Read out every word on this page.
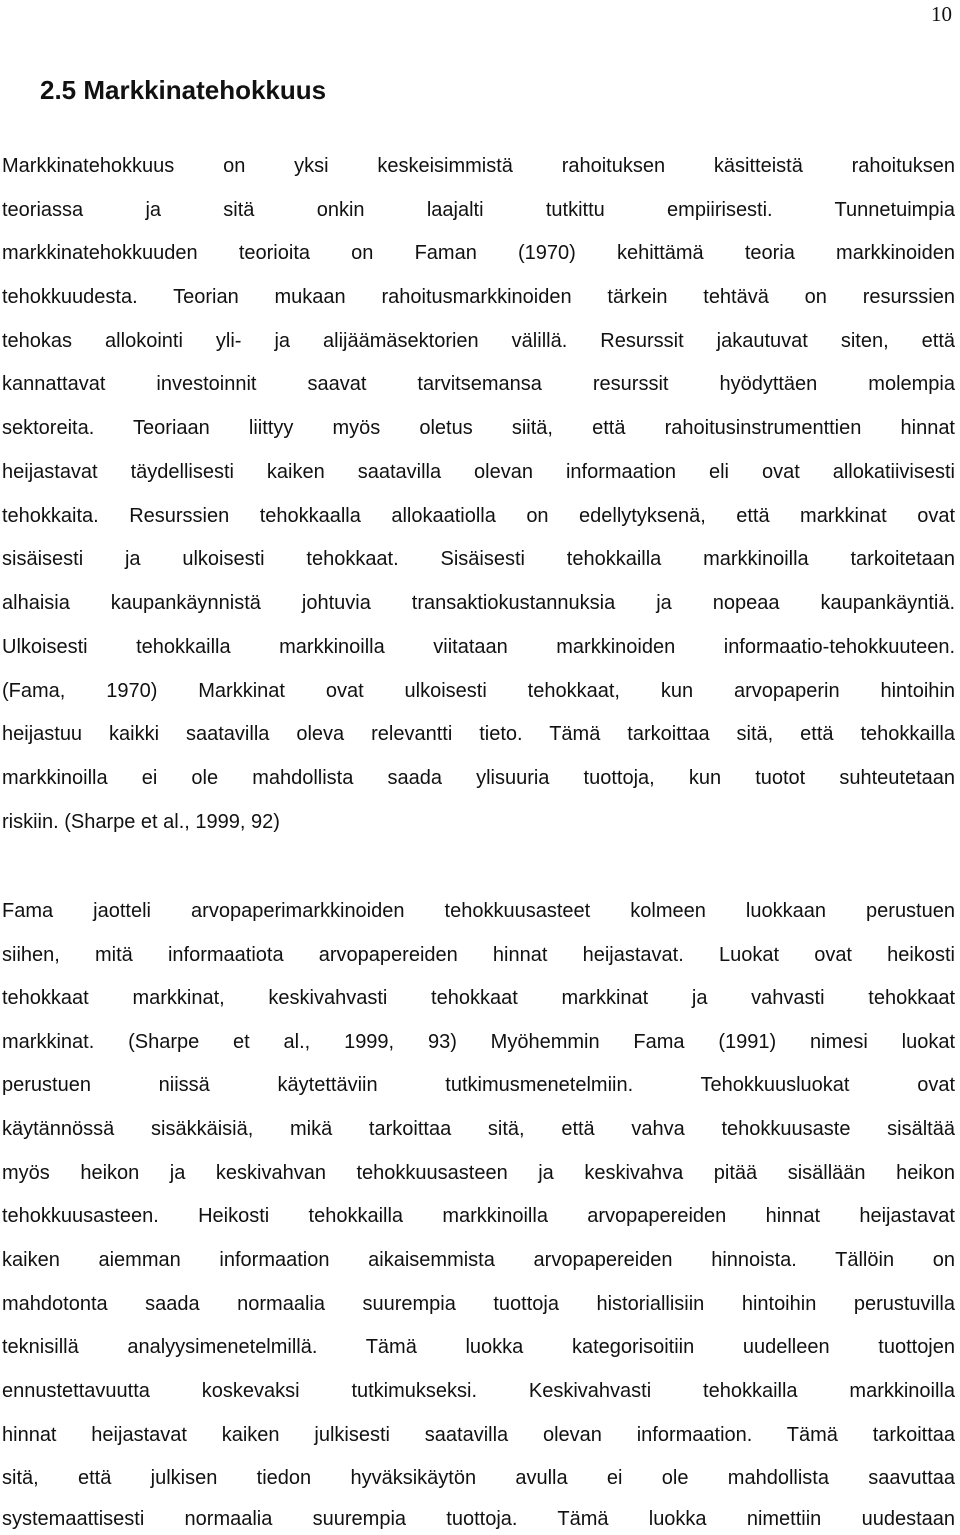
10
2.5 Markkinatehokkuus
Markkinatehokkuus on yksi keskeisimmistä rahoituksen käsitteistä rahoituksen
teoriassa ja sitä onkin laajalti tutkittu empiirisesti. Tunnetuimpia
markkinatehokkuuden teorioita on Faman (1970) kehittämä teoria markkinoiden
tehokkuudesta. Teorian mukaan rahoitusmarkkinoiden tärkein tehtävä on resurssien
tehokas allokointi yli- ja alijäämäsektorien välillä. Resurssit jakautuvat siten, että
kannattavat investoinnit saavat tarvitsemansa resurssit hyödyttäen molempia
sektoreita. Teoriaan liittyy myös oletus siitä, että rahoitusinstrumenttien hinnat
heijastavat täydellisesti kaiken saatavilla olevan informaation eli ovat allokatiivisesti
tehokkaita. Resurssien tehokkaalla allokaatiolla on edellytyksenä, että markkinat ovat
sisäisesti ja ulkoisesti tehokkaat. Sisäisesti tehokkailla markkinoilla tarkoitetaan
alhaisia kaupankäynnistä johtuvia transaktiokustannuksia ja nopeaa kaupankäyntiä.
Ulkoisesti tehokkailla markkinoilla viitataan markkinoiden informaatio-tehokkuuteen.
(Fama, 1970) Markkinat ovat ulkoisesti tehokkaat, kun arvopaperin hintoihin
heijastuu kaikki saatavilla oleva relevantti tieto. Tämä tarkoittaa sitä, että tehokkailla
markkinoilla ei ole mahdollista saada ylisuuria tuottoja, kun tuotot suhteutetaan
riskiin. (Sharpe et al., 1999, 92)
Fama jaotteli arvopaperimarkkinoiden tehokkuusasteet kolmeen luokkaan perustuen
siihen, mitä informaatiota arvopapereiden hinnat heijastavat. Luokat ovat heikosti
tehokkaat markkinat, keskivahvasti tehokkaat markkinat ja vahvasti tehokkaat
markkinat. (Sharpe et al., 1999, 93) Myöhemmin Fama (1991) nimesi luokat
perustuen niissä käytettäviin tutkimusmenetelmiin. Tehokkuusluokat ovat
käytännössä sisäkkäisiä, mikä tarkoittaa sitä, että vahva tehokkuusaste sisältää
myös heikon ja keskivahvan tehokkuusasteen ja keskivahva pitää sisällään heikon
tehokkuusasteen. Heikosti tehokkailla markkinoilla arvopapereiden hinnat heijastavat
kaiken aiemman informaation aikaisemmista arvopapereiden hinnoista. Tällöin on
mahdotonta saada normaalia suurempia tuottoja historiallisiin hintoihin perustuvilla
teknisillä analyysimenetelmillä. Tämä luokka kategorisoitiin uudelleen tuottojen
ennustettavuutta koskevaksi tutkimukseksi. Keskivahvasti tehokkailla markkinoilla
hinnat heijastavat kaiken julkisesti saatavilla olevan informaation. Tämä tarkoittaa
sitä, että julkisen tiedon hyväksikäytön avulla ei ole mahdollista saavuttaa
systemaattisesti normaalia suurempia tuottoja. Tämä luokka nimettiin uudestaan
